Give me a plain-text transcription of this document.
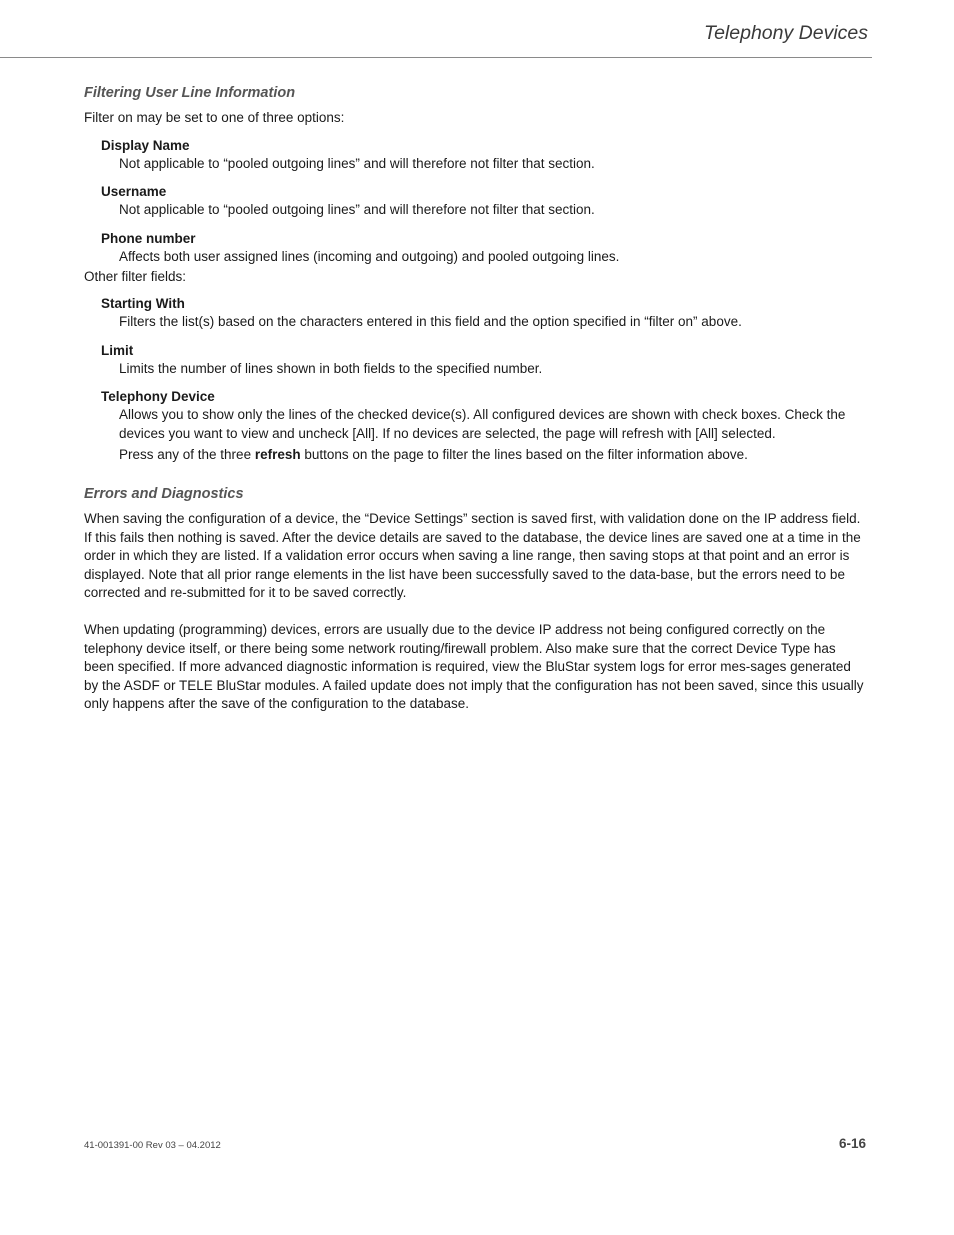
Telephony Devices
Filtering User Line Information

Filter on may be set to one of three options:

Display Name
Not applicable to “pooled outgoing lines” and will therefore not filter that section.
Username
Not applicable to “pooled outgoing lines” and will therefore not filter that section.
Phone number
Affects both user assigned lines (incoming and outgoing) and pooled outgoing lines.

Other filter fields:

Starting With
Filters the list(s) based on the characters entered in this field and the option specified in “filter on” above.
Limit
Limits the number of lines shown in both fields to the specified number.
Telephony Device
Allows you to show only the lines of the checked device(s). All configured devices are shown with check boxes. Check the devices you want to view and uncheck [All]. If no devices are selected, the page will refresh with [All] selected.
Press any of the three refresh buttons on the page to filter the lines based on the filter information above.
Errors and Diagnostics

When saving the configuration of a device, the “Device Settings” section is saved first, with validation done on the IP address field. If this fails then nothing is saved. After the device details are saved to the database, the device lines are saved one at a time in the order in which they are listed. If a validation error occurs when saving a line range, then saving stops at that point and an error is displayed. Note that all prior range elements in the list have been successfully saved to the data-base, but the errors need to be corrected and re-submitted for it to be saved correctly.

When updating (programming) devices, errors are usually due to the device IP address not being configured correctly on the telephony device itself, or there being some network routing/firewall problem. Also make sure that the correct Device Type has been specified. If more advanced diagnostic information is required, view the BluStar system logs for error mes-sages generated by the ASDF or TELE BluStar modules. A failed update does not imply that the configuration has not been saved, since this usually only happens after the save of the configuration to the database.

41-001391-00 Rev 03 – 04.2012	6-16
